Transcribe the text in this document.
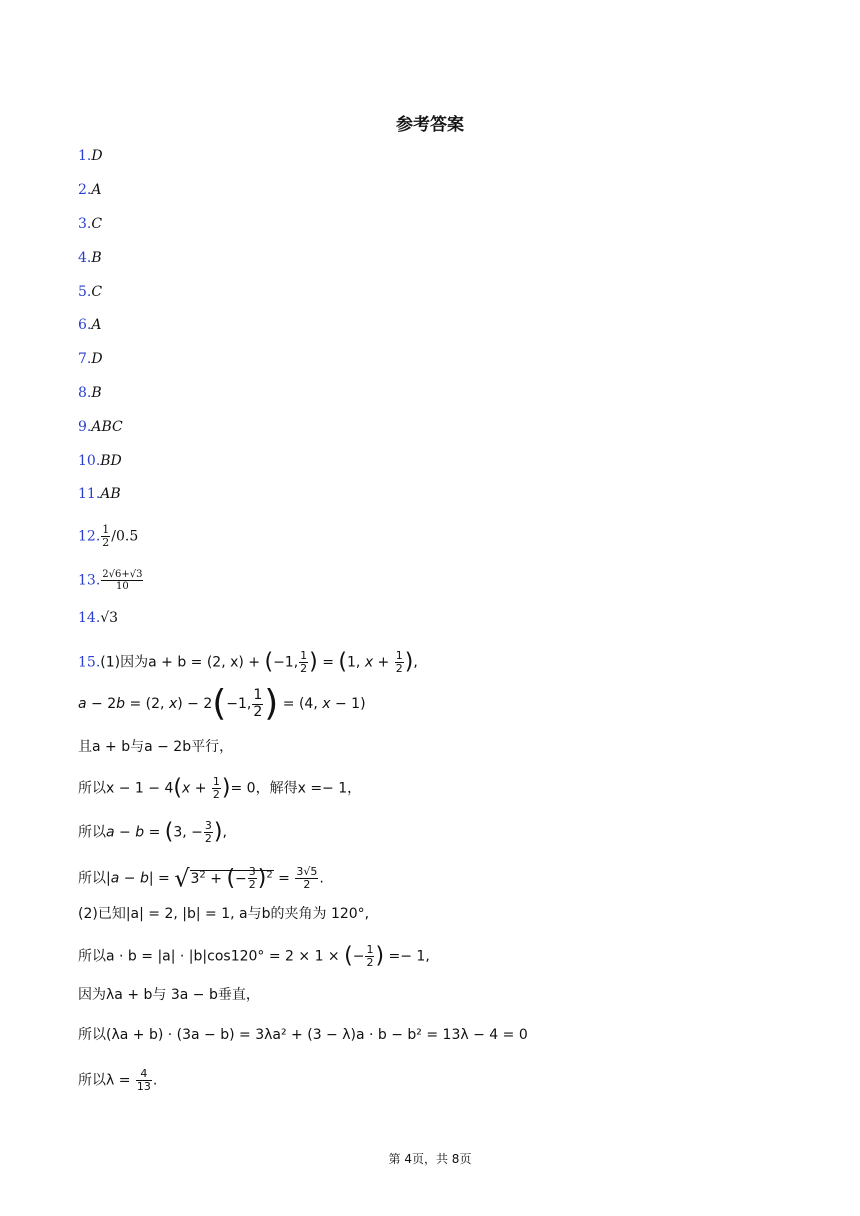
参考答案
1.D
2.A
3.C
4.B
5.C
6.A
7.D
8.B
9.ABC
10.BD
11.AB
12. $\frac{1}{2} /0.5$
13. $\frac{2√6+√3}{10}$
14.√3
15.(1)因为a + b = (2, x) + (−1, $\frac{1}{2}$ ) = (1, $x + \frac{1}{2}$ ),
a − 2b = (2, x) − 2(−1, $\frac{1}{2}$ ) = (4, x − 1)
且a + b与a − 2b平行，
所以$x - 1 - 4(x + \frac{1}{2}$ )= 0，解得x =− 1，
所以a − b = (3, − $\frac{3}{2}$ ),
所以$|a - b| = √3^2$ + (− $\frac{3}{2} )^2 = \frac{3√5}{2}$ .
(2)已知|a| = 2, |b| = 1, a与b的夹角为 120°,
所以a · b = |a| · |b|cos120° = 2 × 1 × (− $\frac{1}{2}$ ) =− 1,
因为λa + b与 3a − b垂直，
所以(λa + b) · (3a − b) = 3λa² + (3 − λ)a · b − b² = 13λ − 4 = 0
所以$\lambda = \frac{4}{13}$ .
第 4页，共 8页
